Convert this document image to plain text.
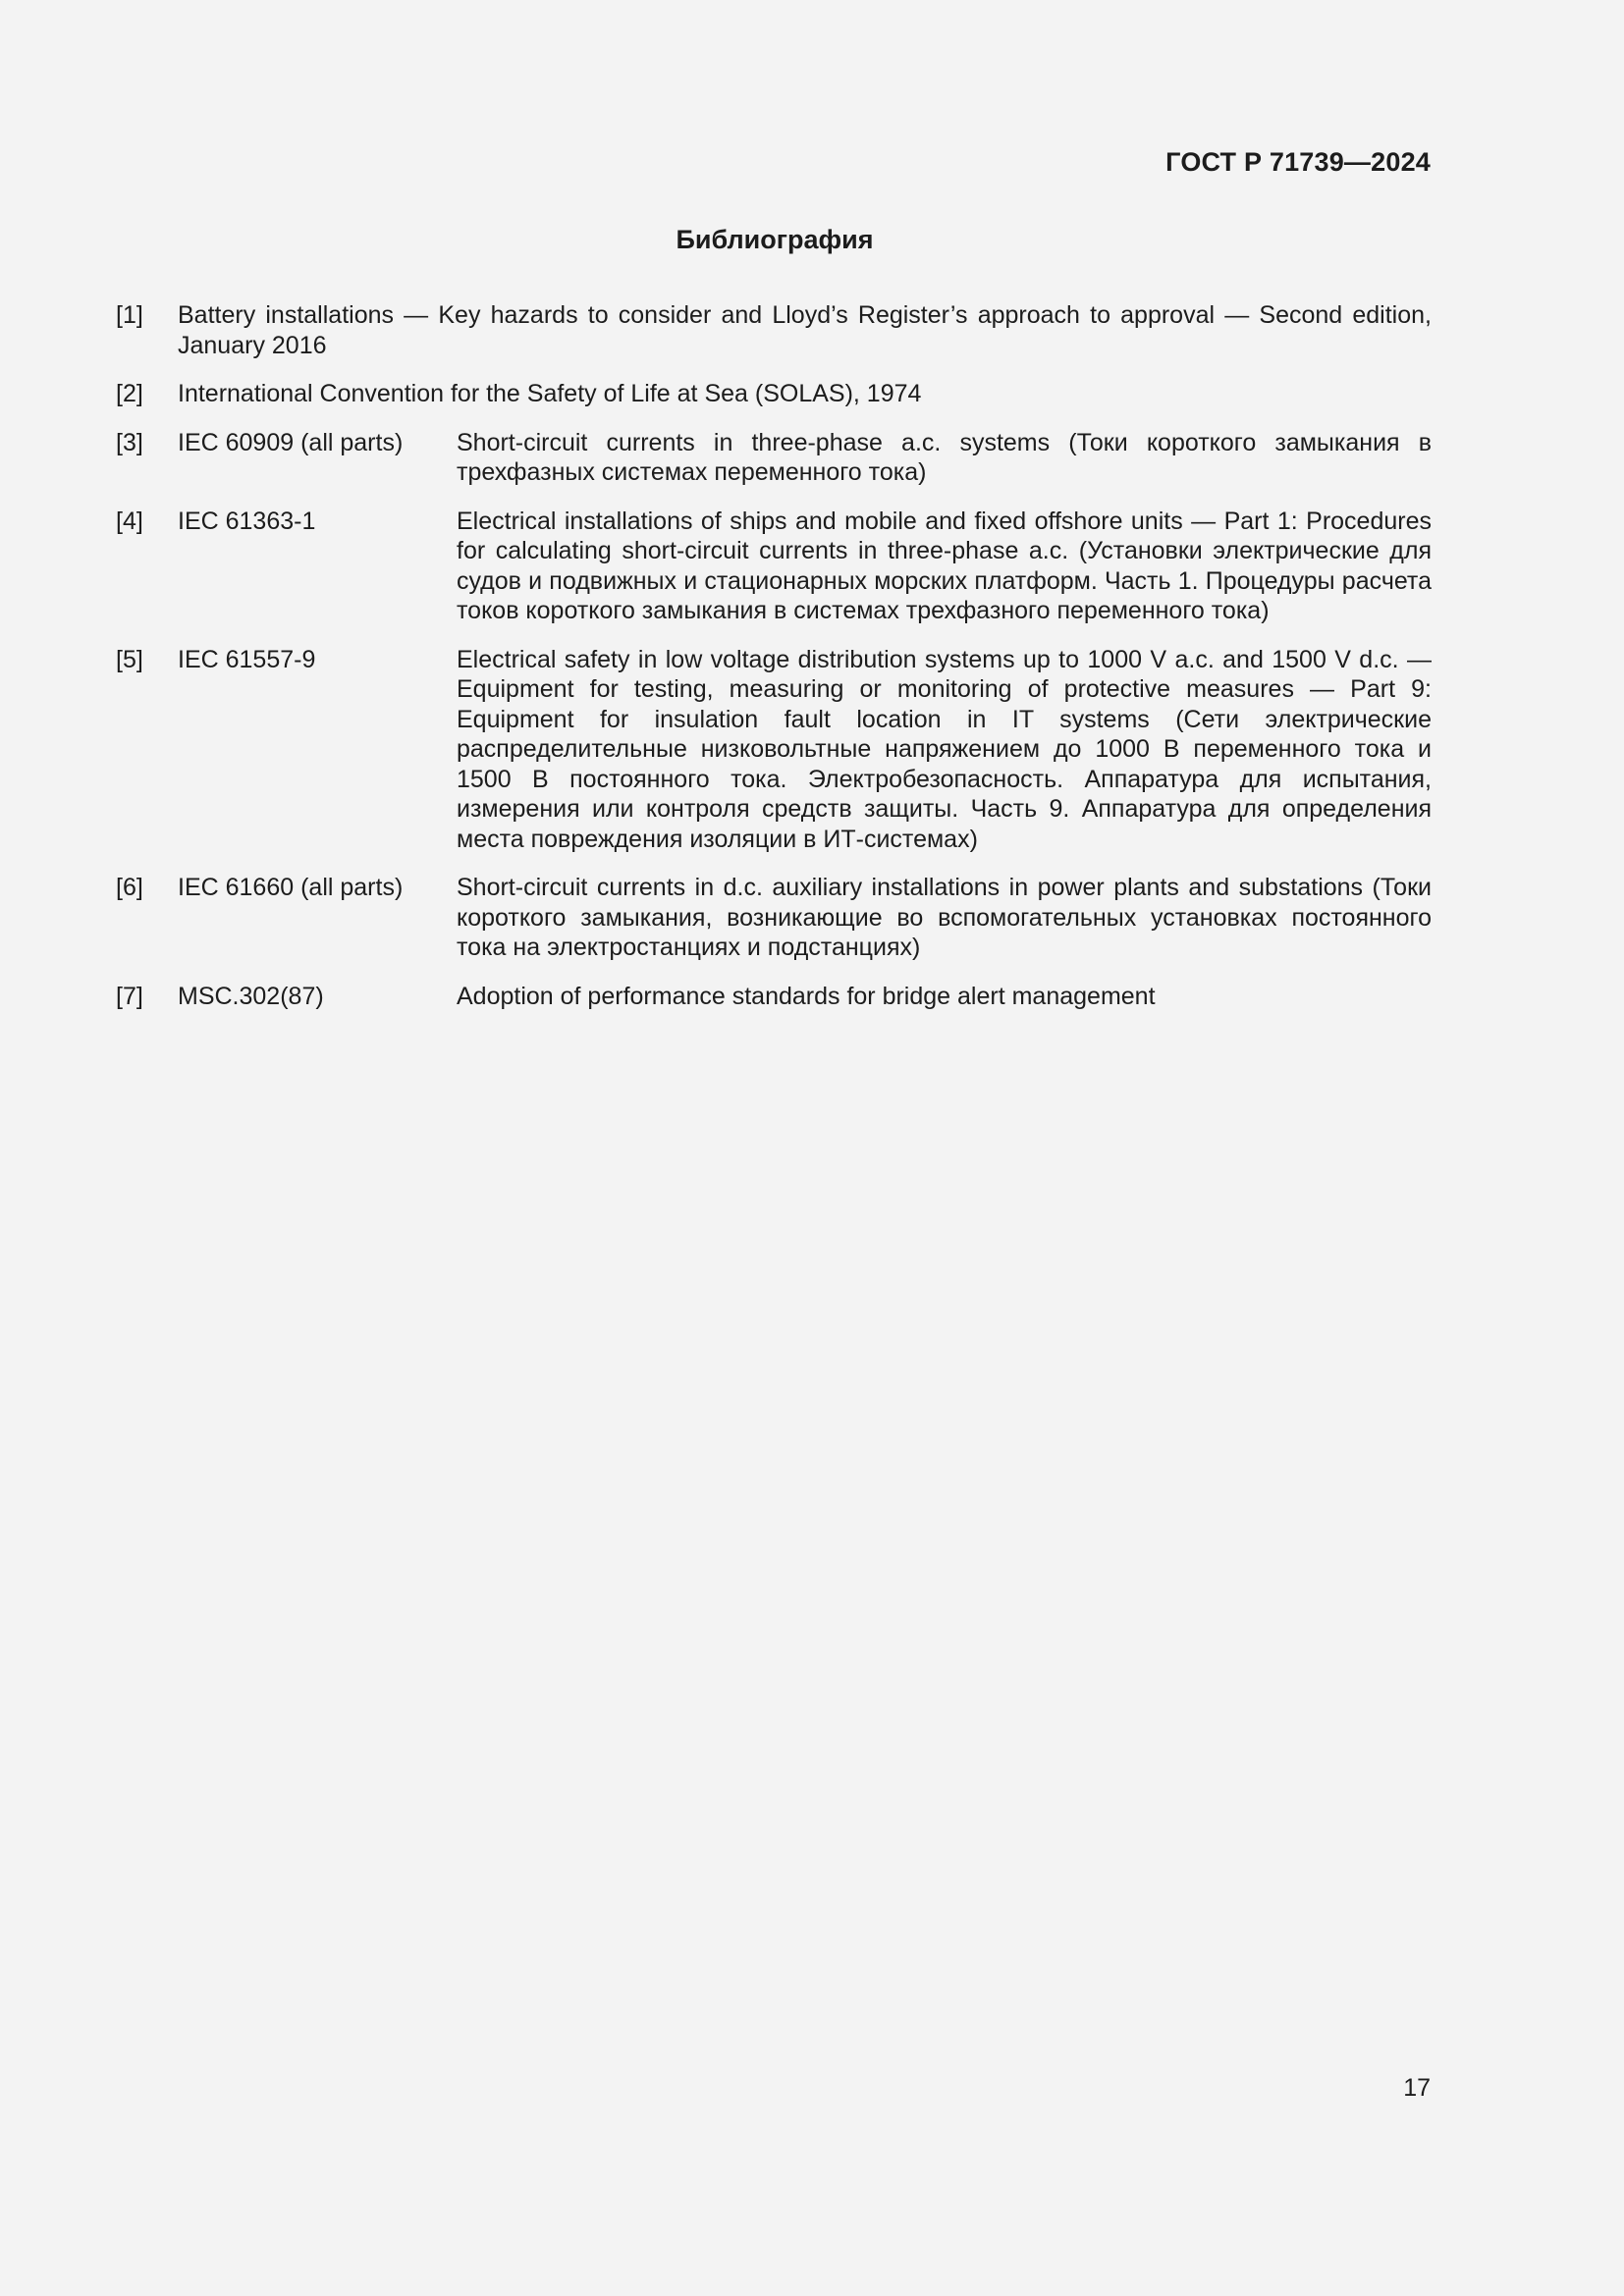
ГОСТ Р 71739—2024
Библиография
[1]	Battery installations — Key hazards to consider and Lloyd’s Register’s approach to approval — Second edition, January 2016
[2]	International Convention for the Safety of Life at Sea (SOLAS), 1974
[3]	IEC 60909 (all parts)	Short-circuit currents in three-phase a.c. systems (Токи короткого замыкания в трехфазных системах переменного тока)
[4]	IEC 61363-1	Electrical installations of ships and mobile and fixed offshore units — Part 1: Procedures for calculating short-circuit currents in three-phase a.c. (Установки электрические для судов и подвижных и стационарных морских платформ. Часть 1. Процедуры расчета токов короткого замыкания в системах трехфазного переменного тока)
[5]	IEC 61557-9	Electrical safety in low voltage distribution systems up to 1000 V a.c. and 1500 V d.c. — Equipment for testing, measuring or monitoring of protective measures — Part 9: Equipment for insulation fault location in IT systems (Сети электрические распределительные низковольтные напряжением до 1000 В переменного тока и 1500 В постоянного тока. Электробезопасность. Аппаратура для испытания, измерения или контроля средств защиты. Часть 9. Аппаратура для определения места повреждения изоляции в ИТ-системах)
[6]	IEC 61660 (all parts)	Short-circuit currents in d.c. auxiliary installations in power plants and substations (Токи короткого замыкания, возникающие во вспомогательных установках постоянного тока на электростанциях и подстанциях)
[7]	MSC.302(87)	Adoption of performance standards for bridge alert management
17
